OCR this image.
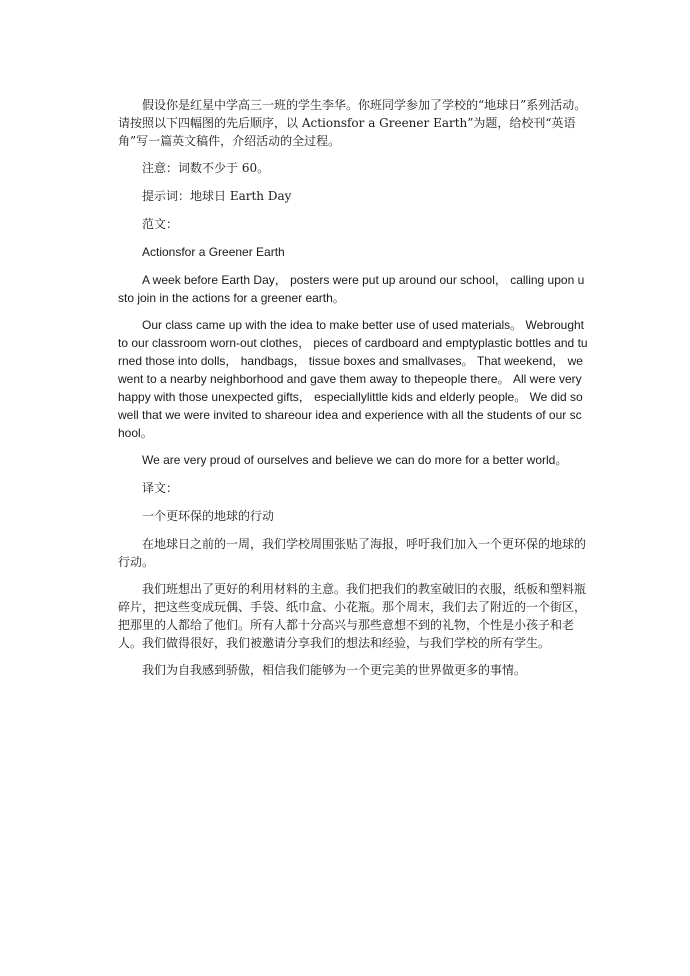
假设你是红星中学高三一班的学生李华。你班同学参加了学校的“地球日”系列活动。请按照以下四幅图的先后顺序，以 Actionsfor a Greener Earth”为题，给校刊“英语角”写一篇英文稿件，介绍活动的全过程。

注意：词数不少于 60。

提示词：地球日 Earth Day

范文：

Actionsfor a Greener Earth

A week before Earth Day， posters were put up around our school， calling upon usto join in the actions for a greener earth。

Our class came up with the idea to make better use of used materials。 Webrought to our classroom worn-out clothes， pieces of cardboard and emptyplastic bottles and turned those into dolls， handbags， tissue boxes and smallvases。 That weekend， we went to a nearby neighborhood and gave them away to thepeople there。 All were very happy with those unexpected gifts， especiallylittle kids and elderly people。 We did so well that we were invited to shareour idea and experience with all the students of our school。

We are very proud of ourselves and believe we can do more for a better world。

译文：

一个更环保的地球的行动

在地球日之前的一周，我们学校周围张贴了海报，呼吁我们加入一个更环保的地球的行动。

我们班想出了更好的利用材料的主意。我们把我们的教室破旧的衣服，纸板和塑料瓶碎片，把这些变成玩偶、手袋、纸巾盒、小花瓶。那个周末，我们去了附近的一个街区，把那里的人都给了他们。所有人都十分高兴与那些意想不到的礼物，个性是小孩子和老人。我们做得很好，我们被邀请分享我们的想法和经验，与我们学校的所有学生。

我们为自我感到骄傲，相信我们能够为一个更完美的世界做更多的事情。
